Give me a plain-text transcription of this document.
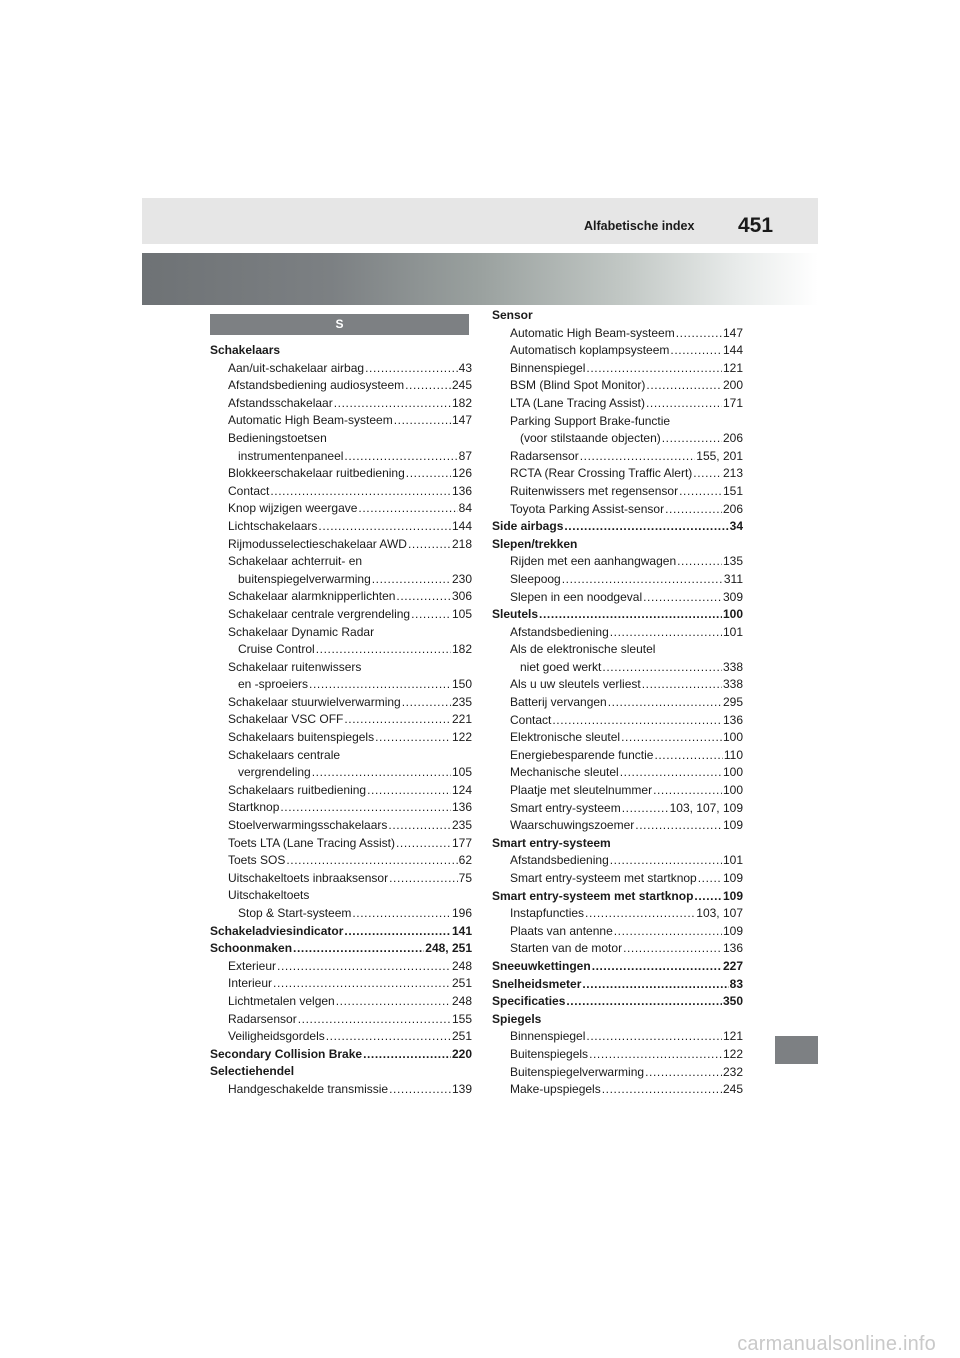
Alfabetische index 451
S
Schakelaars
Aan/uit-schakelaar airbag .....	43
Afstandsbediening audiosysteem .....	245
Afstandsschakelaar .....	182
Automatic High Beam-systeem .....	147
Bedieningstoetsen
instrumentenpaneel .....	87
Blokkeerschakelaar ruitbediening .....	126
Contact .....	136
Knop wijzigen weergave .....	84
Lichtschakelaars .....	144
Rijmodusselectieschakelaar AWD .....	218
Schakelaar achterruit- en
buitenspiegelverwarming .....	230
Schakelaar alarmknipperlichten .....	306
Schakelaar centrale vergrendeling .....	105
Schakelaar Dynamic Radar
Cruise Control .....	182
Schakelaar ruitenwissers
en -sproeiers .....	150
Schakelaar stuurwielverwarming .....	235
Schakelaar VSC OFF .....	221
Schakelaars buitenspiegels .....	122
Schakelaars centrale
vergrendeling .....	105
Schakelaars ruitbediening .....	124
Startknop .....	136
Stoelverwarmingsschakelaars .....	235
Toets LTA (Lane Tracing Assist) .....	177
Toets SOS .....	62
Uitschakeltoets inbraaksensor .....	75
Uitschakeltoets
Stop & Start-systeem .....	196
Schakeladviesindicator .....	141
Schoonmaken .....	248, 251
Exterieur .....	248
Interieur .....	251
Lichtmetalen velgen .....	248
Radarsensor .....	155
Veiligheidsgordels .....	251
Secondary Collision Brake .....	220
Selectiehendel
Handgeschakelde transmissie .....	139
Sensor
Automatic High Beam-systeem .....	147
Automatisch koplampsysteem .....	144
Binnenspiegel .....	121
BSM (Blind Spot Monitor) .....	200
LTA (Lane Tracing Assist) .....	171
Parking Support Brake-functie
(voor stilstaande objecten) .....	206
Radarsensor .....	155, 201
RCTA (Rear Crossing Traffic Alert) .....	213
Ruitenwissers met regensensor .....	151
Toyota Parking Assist-sensor .....	206
Side airbags .....	34
Slepen/trekken
Rijden met een aanhangwagen .....	135
Sleepoog .....	311
Slepen in een noodgeval .....	309
Sleutels .....	100
Afstandsbediening .....	101
Als de elektronische sleutel
niet goed werkt .....	338
Als u uw sleutels verliest .....	338
Batterij vervangen .....	295
Contact .....	136
Elektronische sleutel .....	100
Energiebesparende functie .....	110
Mechanische sleutel .....	100
Plaatje met sleutelnummer .....	100
Smart entry-systeem .....	103, 107, 109
Waarschuwingszoemer .....	109
Smart entry-systeem
Afstandsbediening .....	101
Smart entry-systeem met startknop ..... 109
Smart entry-systeem met startknop ..... 109
Instapfuncties .....	103, 107
Plaats van antenne .....	109
Starten van de motor .....	136
Sneeuwkettingen .....	227
Snelheidsmeter .....	83
Specificaties .....	350
Spiegels
Binnenspiegel .....	121
Buitenspiegels .....	122
Buitenspiegelverwarming .....	232
Make-upspiegels .....	245
carmanualsonline.info
